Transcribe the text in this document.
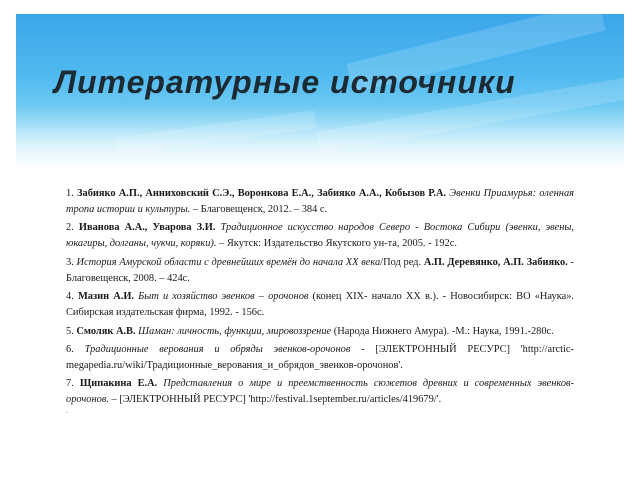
Литературные источники

1. Забияко А.П., Анниховский С.Э., Воронкова Е.А., Забияко А.А., Кобызов Р.А. Эвенки Приамурья: оленная тропа истории и культуры. – Благовещенск, 2012. – 384 с.

2. Иванова А.А., Уварова З.И. Традиционное искусство народов Северо - Востока Сибири (эвенки, эвены, юкагиры, долганы, чукчи, коряки). – Якутск: Издательство Якутского ун-та, 2005. - 192с.

3. История Амурской области с древнейших времён до начала XX века/Под ред. А.П. Деревянко, А.П. Забияко. - Благовещенск, 2008. – 424с.

4. Мазин А.И. Быт и хозяйство эвенков – орочонов (конец XIX- начало XX в.). - Новосибирск: ВО «Наука». Сибирская издательская фирма, 1992. - 156с.

5. Смоляк А.В. Шаман: личность, функции, мировоззрение (Народа Нижнего Амура). -М.: Наука, 1991.-280с.

6. Традиционные верования и обряды эвенков-орочонов - [ЭЛЕКТРОННЫЙ РЕСУРС] 'http://arctic-megapedia.ru/wiki/Традиционные_верования_и_обрядов_эвенков-орочонов'.

7. Щипакина Е.А. Представления о мире и преемственность сюжетов древних и современных эвенков-орочонов. – [ЭЛЕКТРОННЫЙ РЕСУРС] 'http://festival.1september.ru/articles/419679/'.

.
